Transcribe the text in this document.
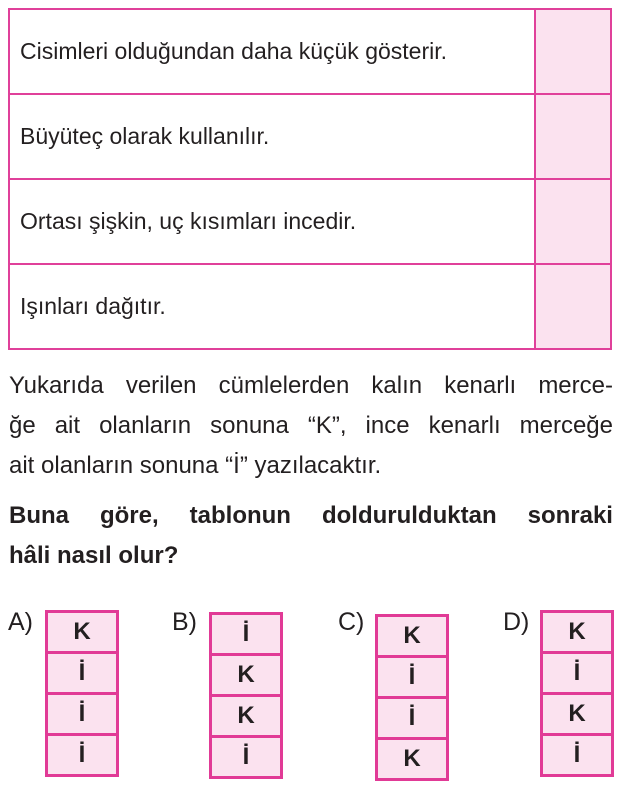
Cisimleri olduğundan daha küçük gösterir.	
Büyüteç olarak kullanılır.	
Ortası şişkin, uç kısımları incedir.	
Işınları dağıtır.	
Yukarıda verilen cümlelerden kalın kenarlı merce-
ğe ait olanların sonuna “K”, ince kenarlı merceğe
ait olanların sonuna “İ” yazılacaktır.
Buna göre, tablonun doldurulduktan sonraki
hâli nasıl olur?
A)	K
İ
İ
İ
B)	İ
K
K
İ
C)	K
İ
İ
K
D)	K
İ
K
İ
